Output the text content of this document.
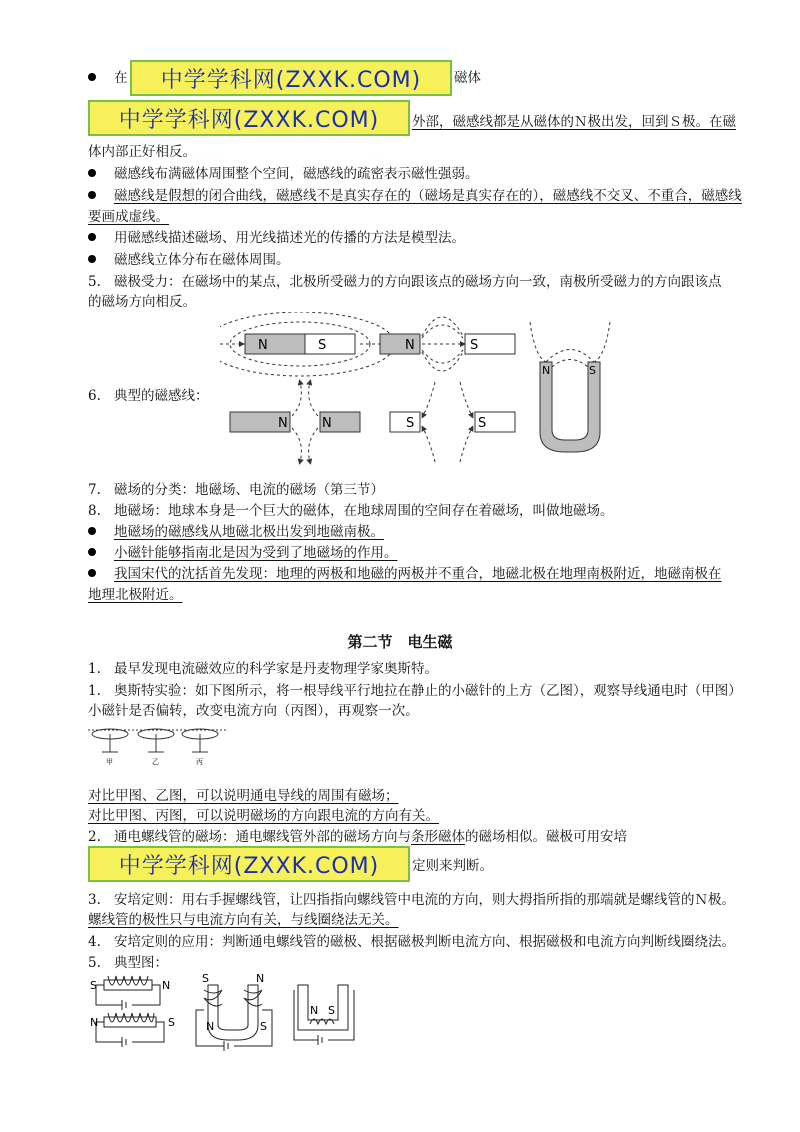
在	中学学科网(ZXXK.COM)	磁体
中学学科网(ZXXK.COM)	外部，磁感线都是从磁体的Ｎ极出发，回到Ｓ极。在磁
体内部正好相反。
磁感线布满磁体周围整个空间，磁感线的疏密表示磁性强弱。
磁感线是假想的闭合曲线，磁感线不是真实存在的（磁场是真实存在的），磁感线不交叉、不重合，磁感线
要画成虚线。
用磁感线描述磁场、用光线描述光的传播的方法是模型法。
磁感线立体分布在磁体周围。
5. 磁极受力：在磁场中的某点，北极所受磁力的方向跟该点的磁场方向一致，南极所受磁力的方向跟该点
的磁场方向相反。
N	S	N	S
N	S
N	N	S	S
6. 典型的磁感线：
7. 磁场的分类：地磁场、电流的磁场（第三节）
8. 地磁场：地球本身是一个巨大的磁体，在地球周围的空间存在着磁场，叫做地磁场。
地磁场的磁感线从地磁北极出发到地磁南极。
小磁针能够指南北是因为受到了地磁场的作用。
我国宋代的沈括首先发现：地理的两极和地磁的两极并不重合，地磁北极在地理南极附近，地磁南极在
地理北极附近。
第二节　电生磁
1. 最早发现电流磁效应的科学家是丹麦物理学家奥斯特。
1. 奥斯特实验：如下图所示，将一根导线平行地拉在静止的小磁针的上方（乙图），观察导线通电时（甲图）
小磁针是否偏转，改变电流方向（丙图），再观察一次。
甲	乙	丙
对比甲图、乙图，可以说明通电导线的周围有磁场；
对比甲图、丙图，可以说明磁场的方向跟电流的方向有关。
2. 通电螺线管的磁场：通电螺线管外部的磁场方向与条形磁体的磁场相似。磁极可用安培
中学学科网(ZXXK.COM)	定则来判断。
3. 安培定则：用右手握螺线管，让四指指向螺线管中电流的方向，则大拇指所指的那端就是螺线管的Ｎ极。
螺线管的极性只与电流方向有关，与线圈绕法无关。
4. 安培定则的应用：判断通电螺线管的磁极、根据磁极判断电流方向、根据磁极和电流方向判断线圈绕法。
5. 典型图：
S	N
N	S
S	N
N	S
N S
